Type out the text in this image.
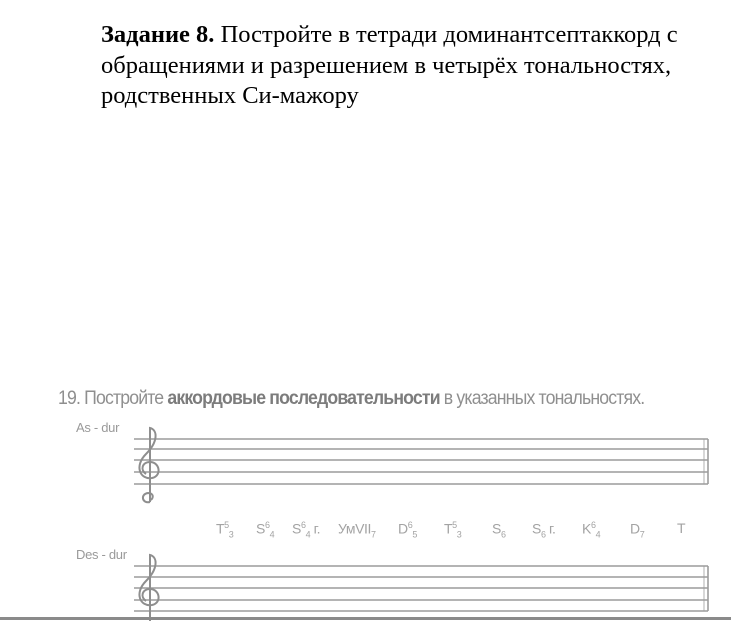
Задание 8. Постройте в тетради доминантсептаккорд с обращениями и разрешением в четырёх тональностях, родственных Си-мажору
19. Постройте аккордовые последовательности в указанных тональностях.
As - dur
Des - dur
$T^5_3$ $S^6_4$ $S^6_4$ г. УмVII$_7$ $D^6_5$ $T^5_3$ $S_6$ $S_6$ г. $K^6_4$ $D_7$ T
